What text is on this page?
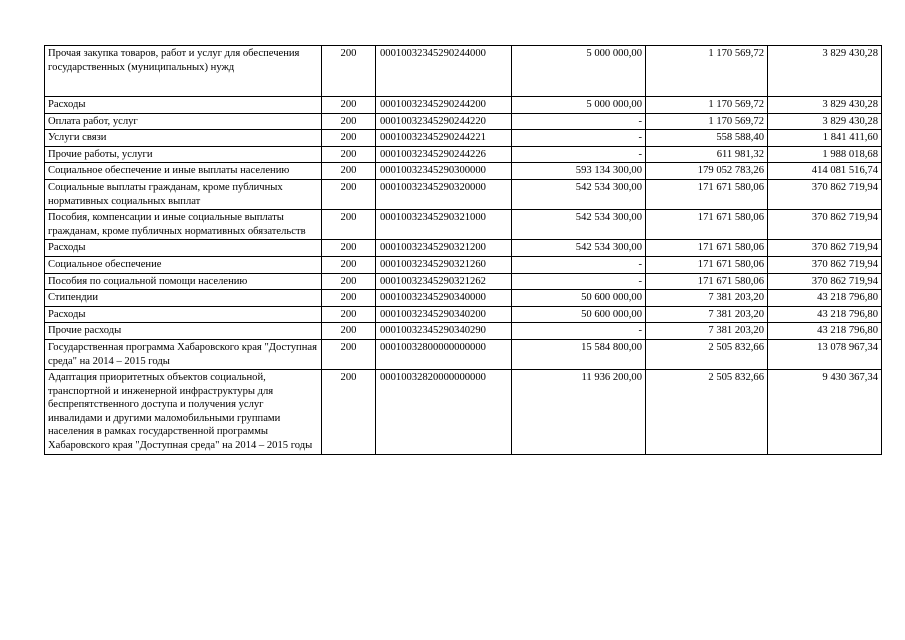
Прочая закупка товаров, работ и услуг для обеспечения государственных (муниципальных) нужд	200	00010032345290244000	5 000 000,00	1 170 569,72	3 829 430,28
Расходы	200	00010032345290244200	5 000 000,00	1 170 569,72	3 829 430,28
Оплата работ, услуг	200	00010032345290244220	-	1 170 569,72	3 829 430,28
Услуги связи	200	00010032345290244221	-	558 588,40	1 841 411,60
Прочие работы, услуги	200	00010032345290244226	-	611 981,32	1 988 018,68
Социальное обеспечение и иные выплаты населению	200	00010032345290300000	593 134 300,00	179 052 783,26	414 081 516,74
Социальные выплаты гражданам, кроме публичных нормативных социальных выплат	200	00010032345290320000	542 534 300,00	171 671 580,06	370 862 719,94
Пособия, компенсации и иные социальные выплаты гражданам, кроме публичных нормативных обязательств	200	00010032345290321000	542 534 300,00	171 671 580,06	370 862 719,94
Расходы	200	00010032345290321200	542 534 300,00	171 671 580,06	370 862 719,94
Социальное обеспечение	200	00010032345290321260	-	171 671 580,06	370 862 719,94
Пособия по социальной помощи населению	200	00010032345290321262	-	171 671 580,06	370 862 719,94
Стипендии	200	00010032345290340000	50 600 000,00	7 381 203,20	43 218 796,80
Расходы	200	00010032345290340200	50 600 000,00	7 381 203,20	43 218 796,80
Прочие расходы	200	00010032345290340290	-	7 381 203,20	43 218 796,80
Государственная программа Хабаровского края "Доступная среда" на 2014 – 2015 годы	200	00010032800000000000	15 584 800,00	2 505 832,66	13 078 967,34
Адаптация приоритетных объектов социальной, транспортной и инженерной инфраструктуры для беспрепятственного доступа и получения услуг инвалидами и другими маломобильными группами населения в рамках государственной программы Хабаровского края "Доступная среда" на 2014 – 2015 годы	200	00010032820000000000	11 936 200,00	2 505 832,66	9 430 367,34
